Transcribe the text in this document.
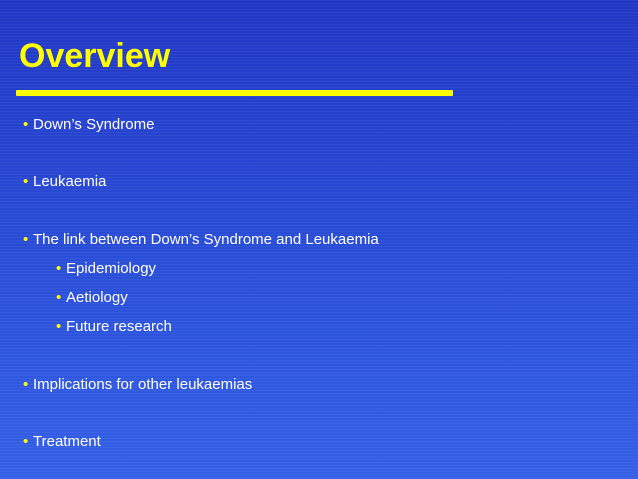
Overview
• Down’s Syndrome
• Leukaemia
• The link between Down’s Syndrome and Leukaemia
• Epidemiology
• Aetiology
• Future research
• Implications for other leukaemias
• Treatment
